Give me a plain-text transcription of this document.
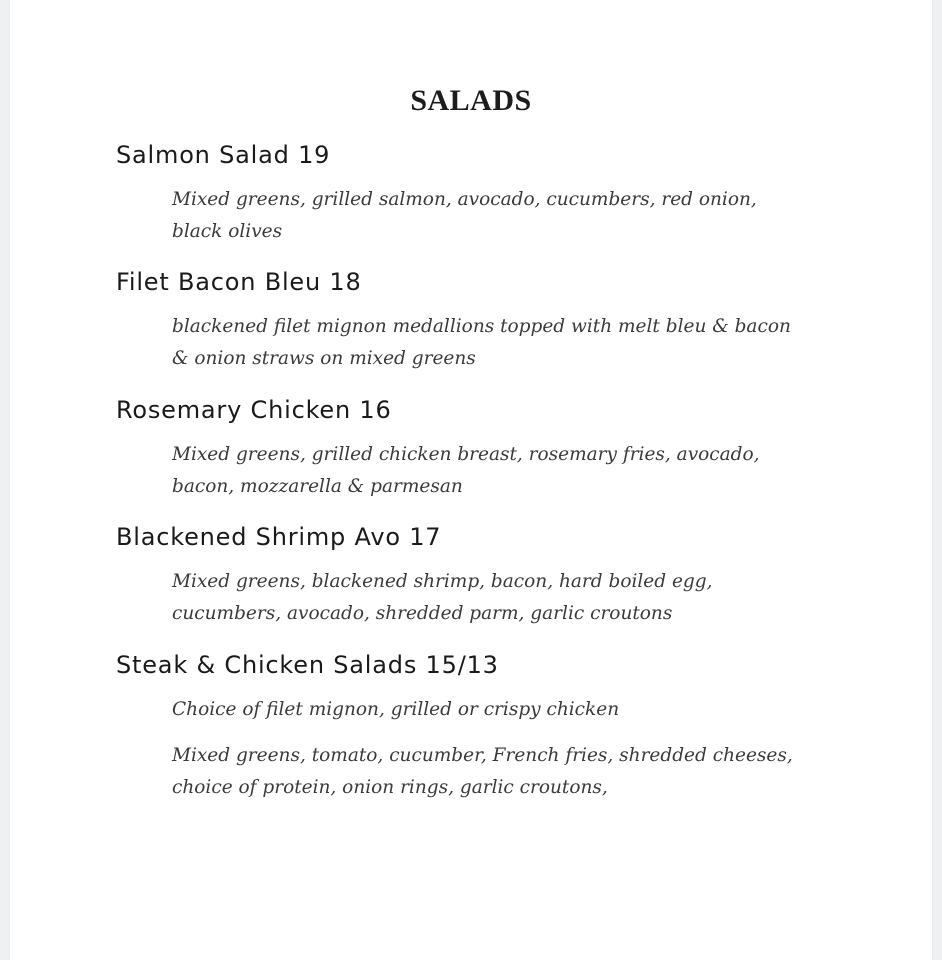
SALADS
Salmon Salad 19
Mixed greens, grilled salmon, avocado, cucumbers, red onion, black olives
Filet Bacon Bleu 18
blackened filet mignon medallions topped with melt bleu & bacon & onion straws on mixed greens
Rosemary Chicken 16
Mixed greens, grilled chicken breast, rosemary fries, avocado, bacon, mozzarella & parmesan
Blackened Shrimp Avo 17
Mixed greens, blackened shrimp, bacon, hard boiled egg, cucumbers, avocado, shredded parm, garlic croutons
Steak & Chicken Salads 15/13
Choice of filet mignon, grilled or crispy chicken
Mixed greens, tomato, cucumber, French fries, shredded cheeses, choice of protein, onion rings, garlic croutons,
